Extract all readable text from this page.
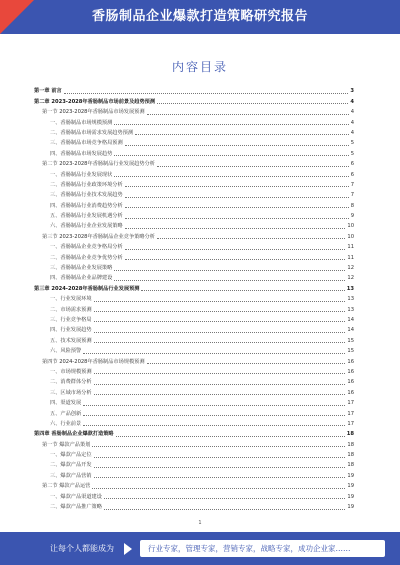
香肠制品企业爆款打造策略研究报告
内容目录
第一章 前言	3
第二章 2023-2028年香肠制品市场前景及趋势预测	4
第一节 2023-2028年香肠制品市场发展预测	4
一、香肠制品市场规模预测	4
二、香肠制品市场需求发展趋势预测	4
三、香肠制品市场竞争格局预测	5
四、香肠制品市场发展趋势	5
第二节 2023-2028年香肠制品行业发展趋势分析	6
一、香肠制品行业发展现状	6
二、香肠制品行业政策环境分析	7
三、香肠制品行业技术发展趋势	7
四、香肠制品行业消费趋势分析	8
五、香肠制品行业发展机遇分析	9
六、香肠制品行业企业发展策略	10
第三节 2023-2028年香肠制品企业竞争策略分析	10
一、香肠制品企业竞争格局分析	11
二、香肠制品企业竞争优势分析	11
三、香肠制品企业发展策略	12
四、香肠制品企业品牌建设	12
第三章 2024-2028年香肠制品行业发展预测	13
一、行业发展环境	13
二、市场需求预测	13
三、行业竞争格局	14
四、行业发展趋势	14
五、技术发展预测	15
六、风险预警	15
第四节 2024-2028年香肠制品市场规模预测	16
一、市场规模预测	16
二、消费群体分析	16
三、区域市场分析	16
四、渠道发展	17
五、产品创新	17
六、行业前景	17
第四章 香肠制品企业爆款打造策略	18
第一节 爆款产品策划	18
一、爆款产品定位	18
二、爆款产品开发	18
三、爆款产品营销	19
第二节 爆款产品运营	19
一、爆款产品渠道建设	19
二、爆款产品推广策略	19
1
让每个人都能成为	行业专家，管理专家，营销专家，战略专家，成功企业家……
